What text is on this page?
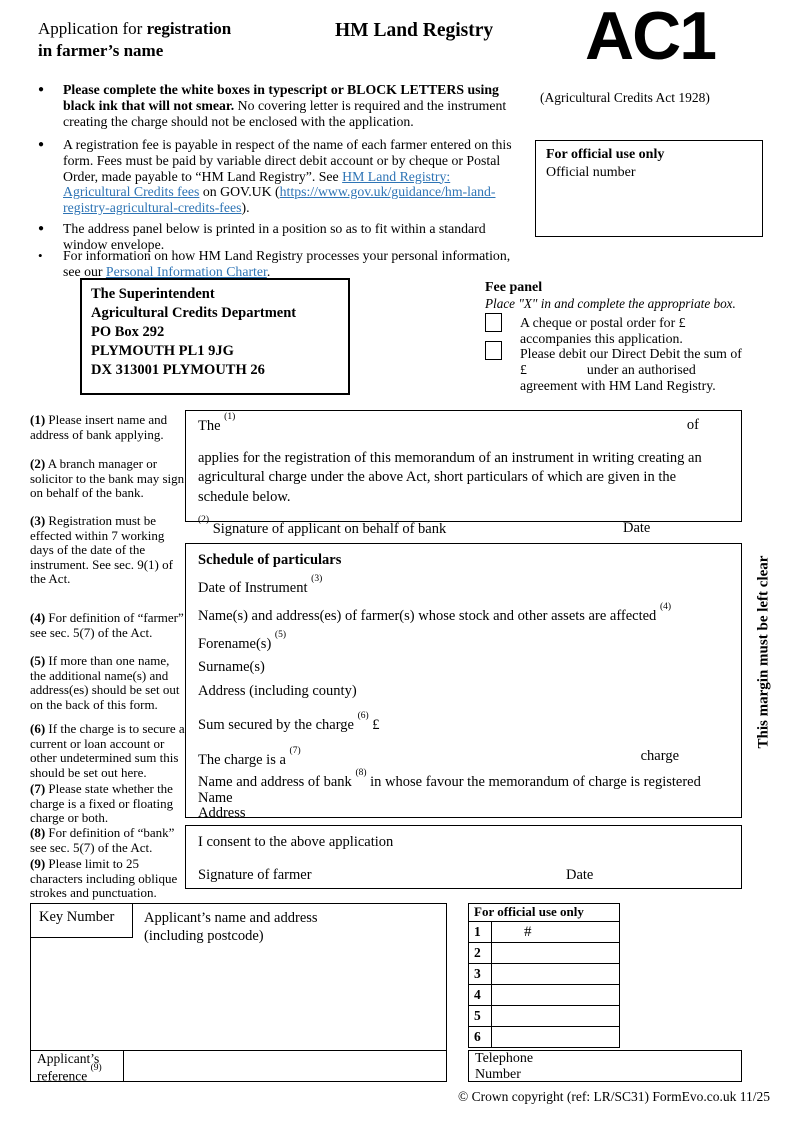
Application for registration
in farmer’s name
HM Land Registry AC1
(Agricultural Credits Act 1928)
For official use only
Official number
●	Please complete the white boxes in typescript or BLOCK LETTERS using black ink that will not smear. No covering letter is required and the instrument creating the charge should not be enclosed with the application.
●	A registration fee is payable in respect of the name of each farmer entered on this form. Fees must be paid by variable direct debit account or by cheque or Postal Order, made payable to “HM Land Registry”. See HM Land Registry: Agricultural Credits fees on GOV.UK (https://www.gov.uk/guidance/hm-land-registry-agricultural-credits-fees).
●	The address panel below is printed in a position so as to fit within a standard window envelope.
•	For information on how HM Land Registry processes your personal information, see our Personal Information Charter.
The Superintendent
Agricultural Credits Department
PO Box 292
PLYMOUTH PL1 9JG
DX 313001 PLYMOUTH 26
Fee panel
Place "X" in and complete the appropriate box.
A cheque or postal order for £
accompanies this application.
Please debit our Direct Debit the sum of
£	under an authorised
agreement with HM Land Registry.
(1) Please insert name and address of bank applying.
(2) A branch manager or solicitor to the bank may sign on behalf of the bank.
(3) Registration must be effected within 7 working days of the date of the instrument. See sec. 9(1) of the Act.
(4) For definition of “farmer” see sec. 5(7) of the Act.
(5) If more than one name, the additional name(s) and address(es) should be set out on the back of this form.
(6) If the charge is to secure a current or loan account or other undetermined sum this should be set out here.
(7) Please state whether the charge is a fixed or floating charge or both.
(8) For definition of “bank” see sec. 5(7) of the Act.
(9) Please limit to 25 characters including oblique strokes and punctuation.
The $^{(1)}$	of

applies for the registration of this memorandum of an instrument in writing creating an agricultural charge under the above Act, short particulars of which are given in the schedule below.

$^{(2)}$ Signature of applicant on behalf of bank	Date
Schedule of particulars
Date of Instrument $^{(3)}$
Name(s) and address(es) of farmer(s) whose stock and other assets are affected $^{(4)}$
Forename(s) $^{(5)}$
Surname(s)
Address (including county)
Sum secured by the charge $^{(6)}$ £
The charge is a $^{(7)}$	charge
Name and address of bank $^{(8)}$ in whose favour the memorandum of charge is registered
Name
Address
I consent to the above application
Signature of farmer	Date
This margin must be left clear
Key Number	Applicant’s name and address
(including postcode)
Applicant’s
reference $^{(9)}$
For official use only
1	#
2
3
4
5
6
Telephone
Number
© Crown copyright (ref: LR/SC31) FormEvo.co.uk 11/25
